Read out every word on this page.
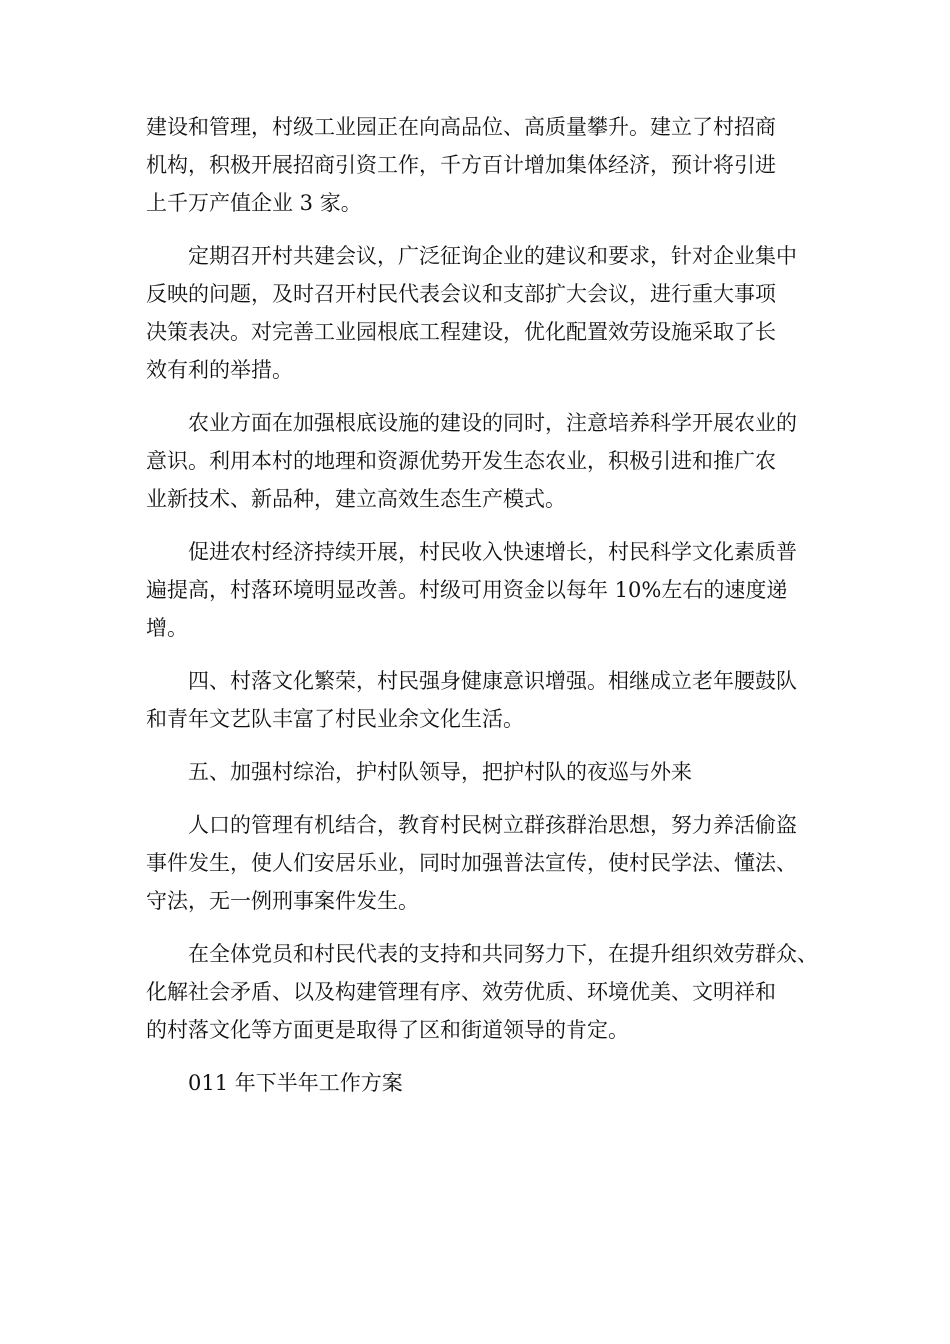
建设和管理，村级工业园正在向高品位、高质量攀升。建立了村招商
机构，积极开展招商引资工作，千方百计增加集体经济，预计将引进
上千万产值企业 3 家。

　　定期召开村共建会议，广泛征询企业的建议和要求，针对企业集中
反映的问题，及时召开村民代表会议和支部扩大会议，进行重大事项
决策表决。对完善工业园根底工程建设，优化配置效劳设施采取了长
效有利的举措。

　　农业方面在加强根底设施的建设的同时，注意培养科学开展农业的
意识。利用本村的地理和资源优势开发生态农业，积极引进和推广农
业新技术、新品种，建立高效生态生产模式。

　　促进农村经济持续开展，村民收入快速增长，村民科学文化素质普
遍提高，村落环境明显改善。村级可用资金以每年 10%左右的速度递
增。

　　四、村落文化繁荣，村民强身健康意识增强。相继成立老年腰鼓队
和青年文艺队丰富了村民业余文化生活。

　　五、加强村综治，护村队领导，把护村队的夜巡与外来

　　人口的管理有机结合，教育村民树立群孩群治思想，努力养活偷盗
事件发生，使人们安居乐业，同时加强普法宣传，使村民学法、懂法、
守法，无一例刑事案件发生。

　　在全体党员和村民代表的支持和共同努力下，在提升组织效劳群众、
化解社会矛盾、以及构建管理有序、效劳优质、环境优美、文明祥和
的村落文化等方面更是取得了区和街道领导的肯定。

　　011 年下半年工作方案
